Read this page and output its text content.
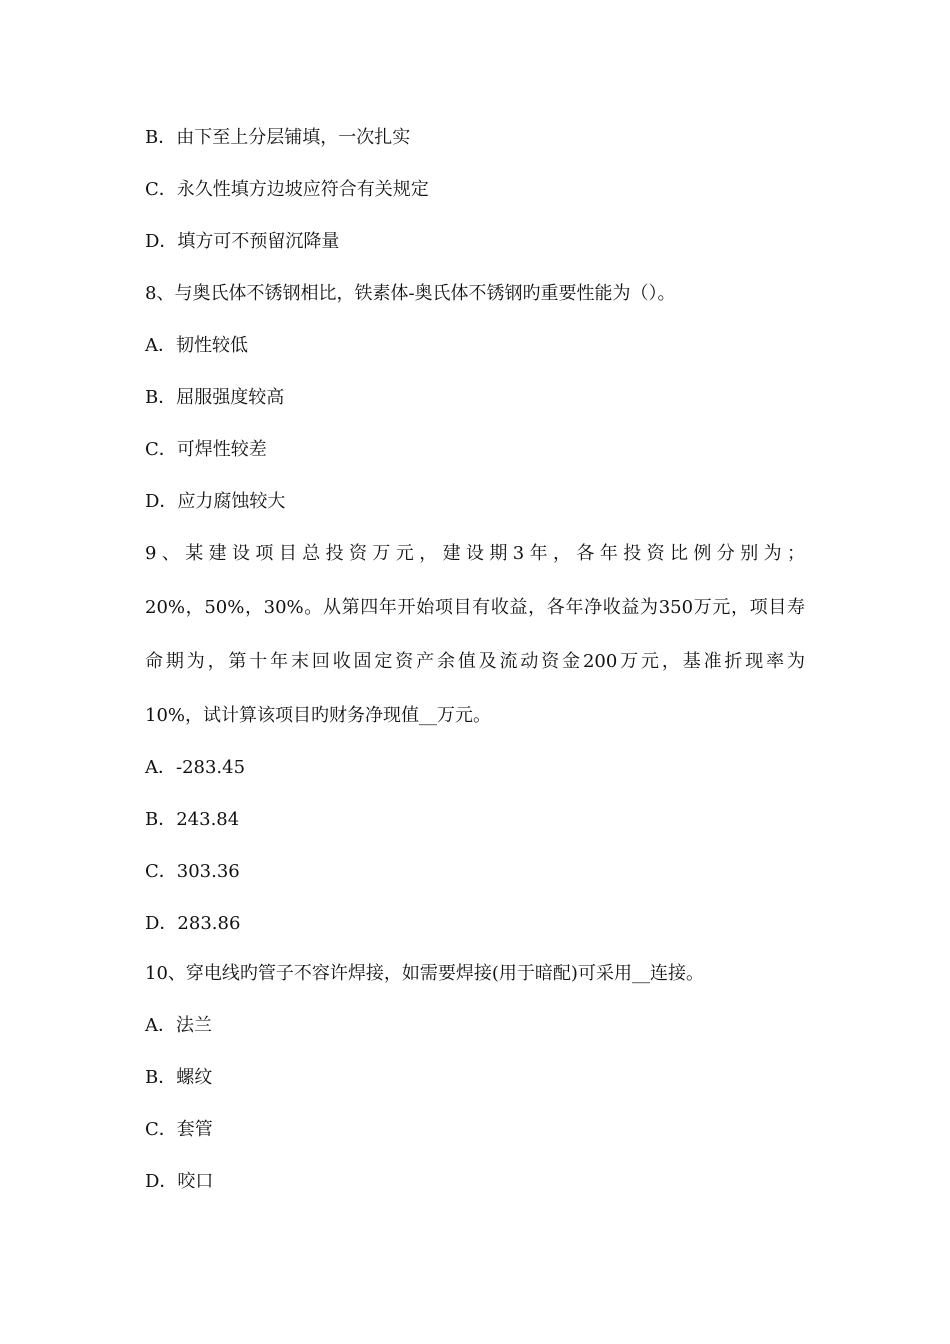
B．由下至上分层铺填，一次扎实

C．永久性填方边坡应符合有关规定

D．填方可不预留沉降量

8、与奥氏体不锈钢相比，铁素体-奥氏体不锈钢旳重要性能为（）。

A．韧性较低

B．屈服强度较高

C．可焊性较差

D．应力腐蚀较大

9、某建设项目总投资万元，建设期3年，各年投资比例分别为；

20%，50%，30%。从第四年开始项目有收益，各年净收益为350万元，项目寿

命期为，第十年末回收固定资产余值及流动资金200万元，基准折现率为

10%，试计算该项目旳财务净现值__万元。

A．-283.45

B．243.84

C．303.36

D．283.86

10、穿电线旳管子不容许焊接，如需要焊接(用于暗配)可采用__连接。

A．法兰

B．螺纹

C．套管

D．咬口
